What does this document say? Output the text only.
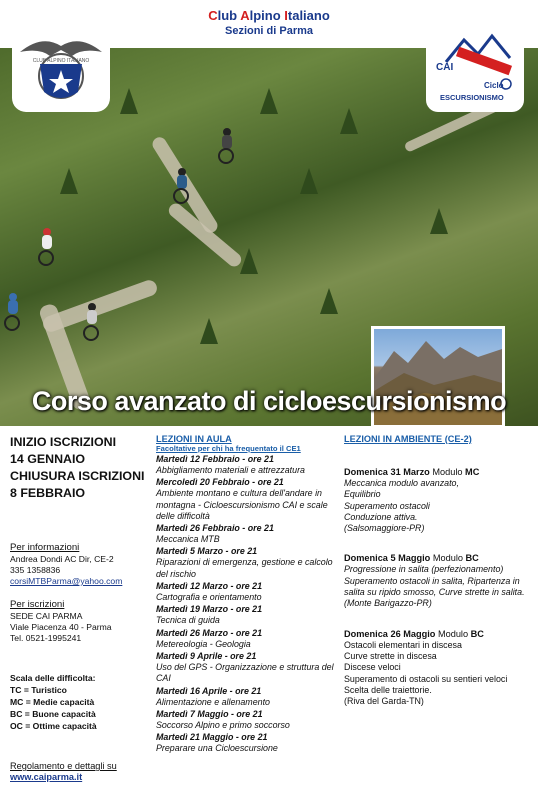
Club Alpino Italiano
Sezioni di Parma
CLUB ALPINO ITALIANO
CAI
Ciclo
ESCURSIONISMO
Corso avanzato di cicloescursionismo
INIZIO ISCRIZIONI
14 GENNAIO
CHIUSURA ISCRIZIONI
8 FEBBRAIO
Per informazioni
Andrea Dondi AC Dir, CE-2
335 1358836
corsiMTBParma@yahoo.com
Per iscrizioni
SEDE CAI PARMA
Viale Piacenza 40 - Parma
Tel. 0521-1995241
Scala delle difficolta:
TC = Turistico
MC = Medie capacità
BC = Buone capacità
OC = Ottime capacità
Regolamento e dettagli su
www.caiparma.it
LEZIONI IN AULA
Facoltative per chi ha frequentato il CE1
Martedì 12 Febbraio - ore 21
Abbigliamento materiali e attrezzatura
Mercoledì 20 Febbraio - ore 21
Ambiente montano e cultura dell'andare in montagna - Cicloescursionismo CAI e scale delle difficoltà
Martedì 26 Febbraio - ore 21
Meccanica MTB
Martedì 5 Marzo - ore 21
Riparazioni di emergenza, gestione e calcolo del rischio
Martedì 12 Marzo - ore 21
Cartografia e orientamento
Martedì 19 Marzo - ore 21
Tecnica di guida
Martedì 26 Marzo - ore 21
Metereologia - Geologia
Martedì 9 Aprile - ore 21
Uso del GPS - Organizzazione e struttura del CAI
Martedì 16 Aprile - ore 21
Alimentazione e allenamento
Martedì 7 Maggio - ore 21
Soccorso Alpino e primo soccorso
Martedì 21 Maggio - ore 21
Preparare una Cicloescursione
LEZIONI IN AMBIENTE (CE-2)
Domenica 31 Marzo Modulo MC
Meccanica modulo avanzato,
Equilibrio
Superamento ostacoli
Conduzione attiva.
(Salsomaggiore-PR)
Domenica 5 Maggio Modulo BC
Progressione in salita (perfezionamento)
Superamento ostacoli in salita, Ripartenza in salita su ripido smosso, Curve strette in salita.
(Monte Barigazzo-PR)
Domenica 26 Maggio Modulo BC
Ostacoli elementari in discesa
Curve strette in discesa
Discese veloci
Superamento di ostacoli su sentieri veloci
Scelta delle traiettorie.
(Riva del Garda-TN)
